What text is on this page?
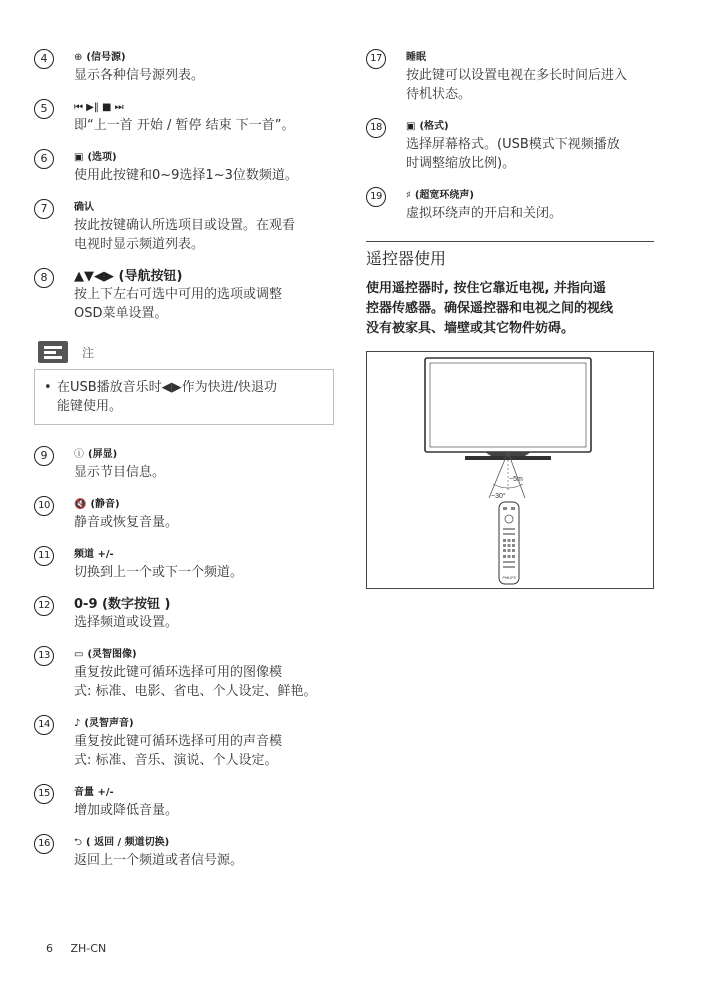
4	⊕ (信号源)
显示各种信号源列表。
5	⏮ ▶‖ ■ ⏭
即“上一首 开始 / 暂停 结束 下一首”。
6	▣ (选项)
使用此按键和0~9选择1~3位数频道。
7	确认
按此按键确认所选项目或设置。在观看
电视时显示频道列表。
8	▲▼◀▶ (导航按钮)
按上下左右可选中可用的选项或调整
OSD菜单设置。
注
• 在USB播放音乐时◀▶作为快进/快退功
能键使用。
9	ⓘ (屏显)
显示节目信息。
10	🔇 (静音)
静音或恢复音量。
11	频道 +/-
切换到上一个或下一个频道。
12	0-9 (数字按钮 )
选择频道或设置。
13	▭ (灵智图像)
重复按此键可循环选择可用的图像模
式: 标准、电影、省电、个人设定、鲜艳。
14	♪ (灵智声音)
重复按此键可循环选择可用的声音模
式: 标准、音乐、演说、个人设定。
15	音量 +/-
增加或降低音量。
16	⮌ ( 返回 / 频道切换)
返回上一个频道或者信号源。
17	睡眠
按此键可以设置电视在多长时间后进入
待机状态。
18	▣ (格式)
选择屏幕格式。(USB模式下视频播放
时调整缩放比例)。
19	♯ (超宽环绕声)
虚拟环绕声的开启和关闭。
遥控器使用
使用遥控器时, 按住它靠近电视, 并指向遥
控器传感器。确保遥控器和电视之间的视线
没有被家具、墙壁或其它物件妨碍。
~5m
~30°
PHILIPS
6 ZH-CN
